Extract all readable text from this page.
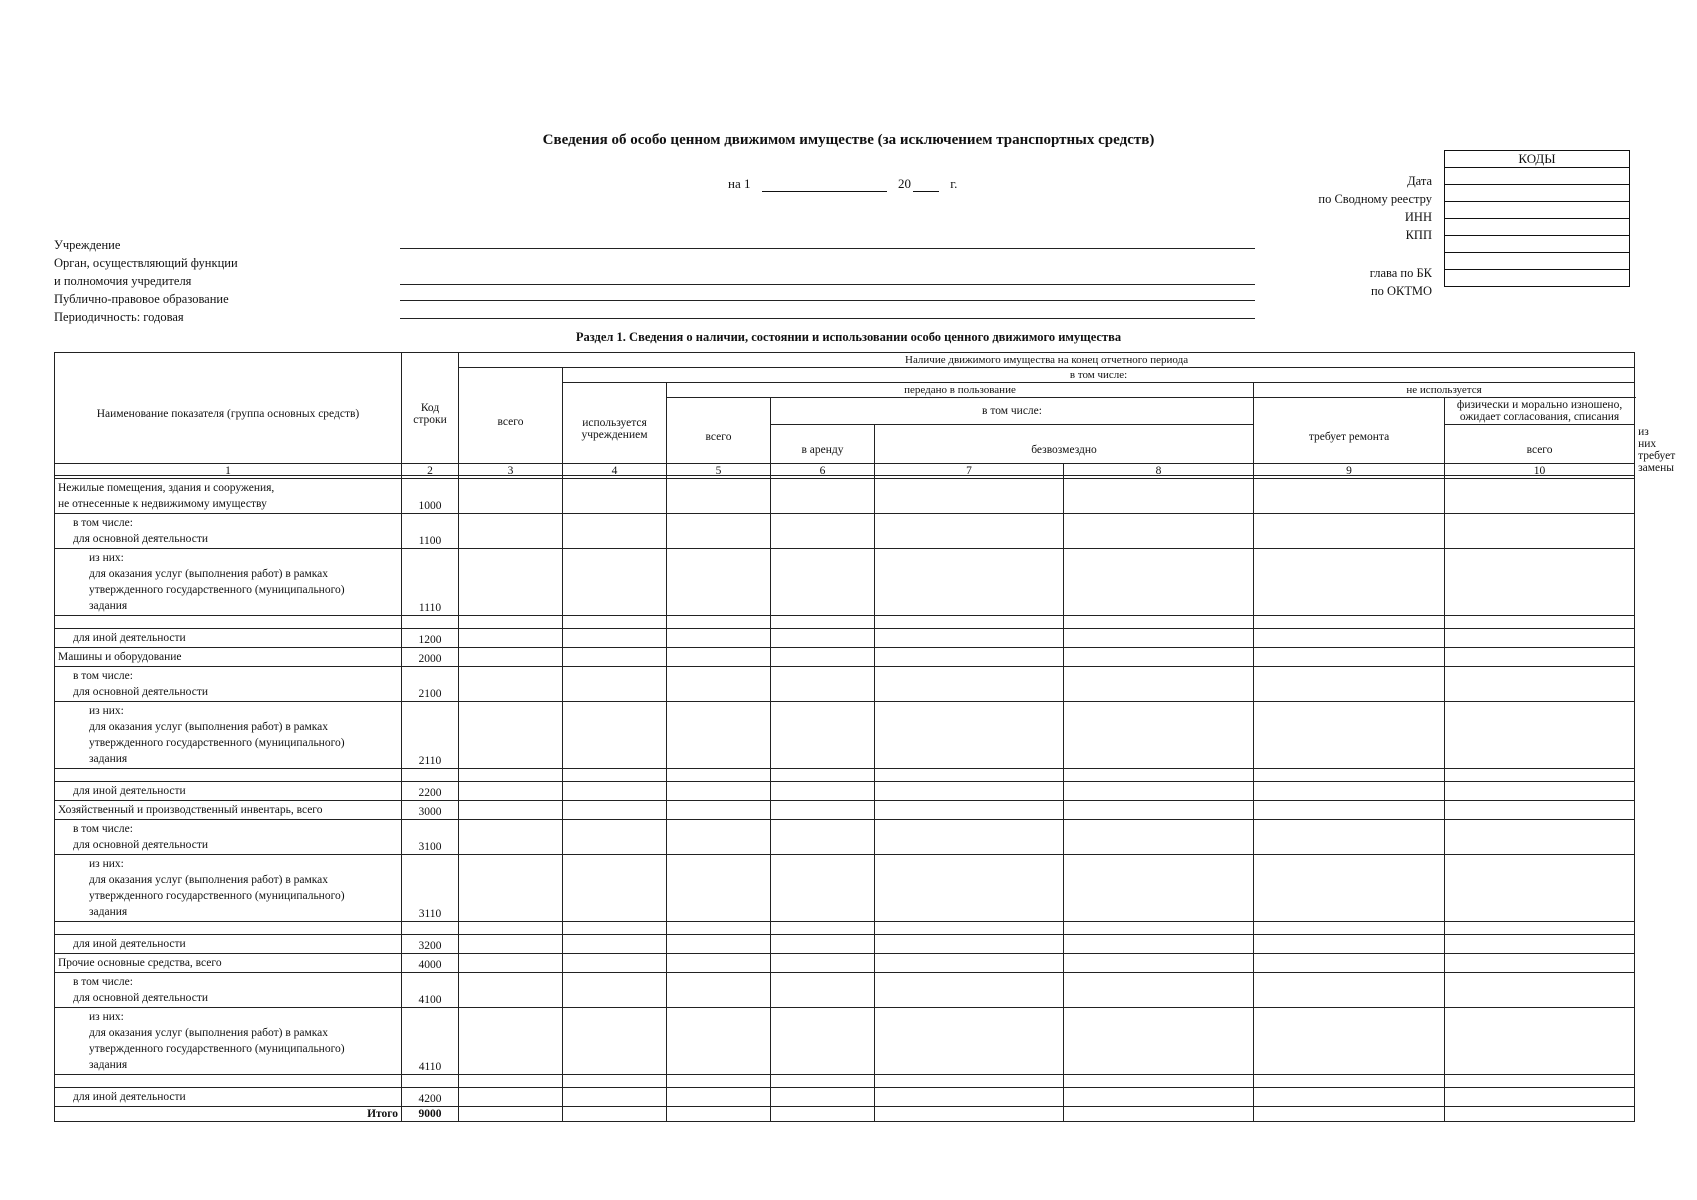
Сведения об особо ценном движимом имуществе (за исключением транспортных средств)
на 1	20	г.
Учреждение
Орган, осуществляющий функции
и полномочия учредителя
Публично-правовое образование
Периодичность: годовая
Дата
по Сводному реестру
ИНН
КПП
глава по БК
по ОКТМО
КОДЫ

Раздел 1. Сведения о наличии, состоянии и использовании особо ценного движимого имущества
Наименование показателя (группа основных средств)	Код строки	Наличие движимого имущества на конец отчетного периода							
		всего	в том числе:						
			используется учреждением	передано в пользование			не используется		
				всего	в том числе:		требует ремонта	физически и морально изношено, ожидает согласования, списания	

					в аренду	безвозмездно		всего	из них требует замены
1	2	3	4	5	6	7	8	9	10

Нежилые помещения, здания и сооружения,
не отнесенные к недвижимому имуществу	1000								

в том числе:
для основной деятельности	1100								

из них:
для оказания услуг (выполнения работ) в рамках
утвержденного государственного (муниципального)
задания	1110								

для иной деятельности	1200								

Машины и оборудование	2000								

в том числе:
для основной деятельности	2100								

из них:
для оказания услуг (выполнения работ) в рамках
утвержденного государственного (муниципального)
задания	2110								

для иной деятельности	2200								

Хозяйственный и производственный инвентарь, всего	3000								

в том числе:
для основной деятельности	3100								

из них:
для оказания услуг (выполнения работ) в рамках
утвержденного государственного (муниципального)
задания	3110								

для иной деятельности	3200								

Прочие основные средства, всего	4000								

в том числе:
для основной деятельности	4100								

из них:
для оказания услуг (выполнения работ) в рамках
утвержденного государственного (муниципального)
задания	4110								

для иной деятельности	4200								
Итого	9000								
